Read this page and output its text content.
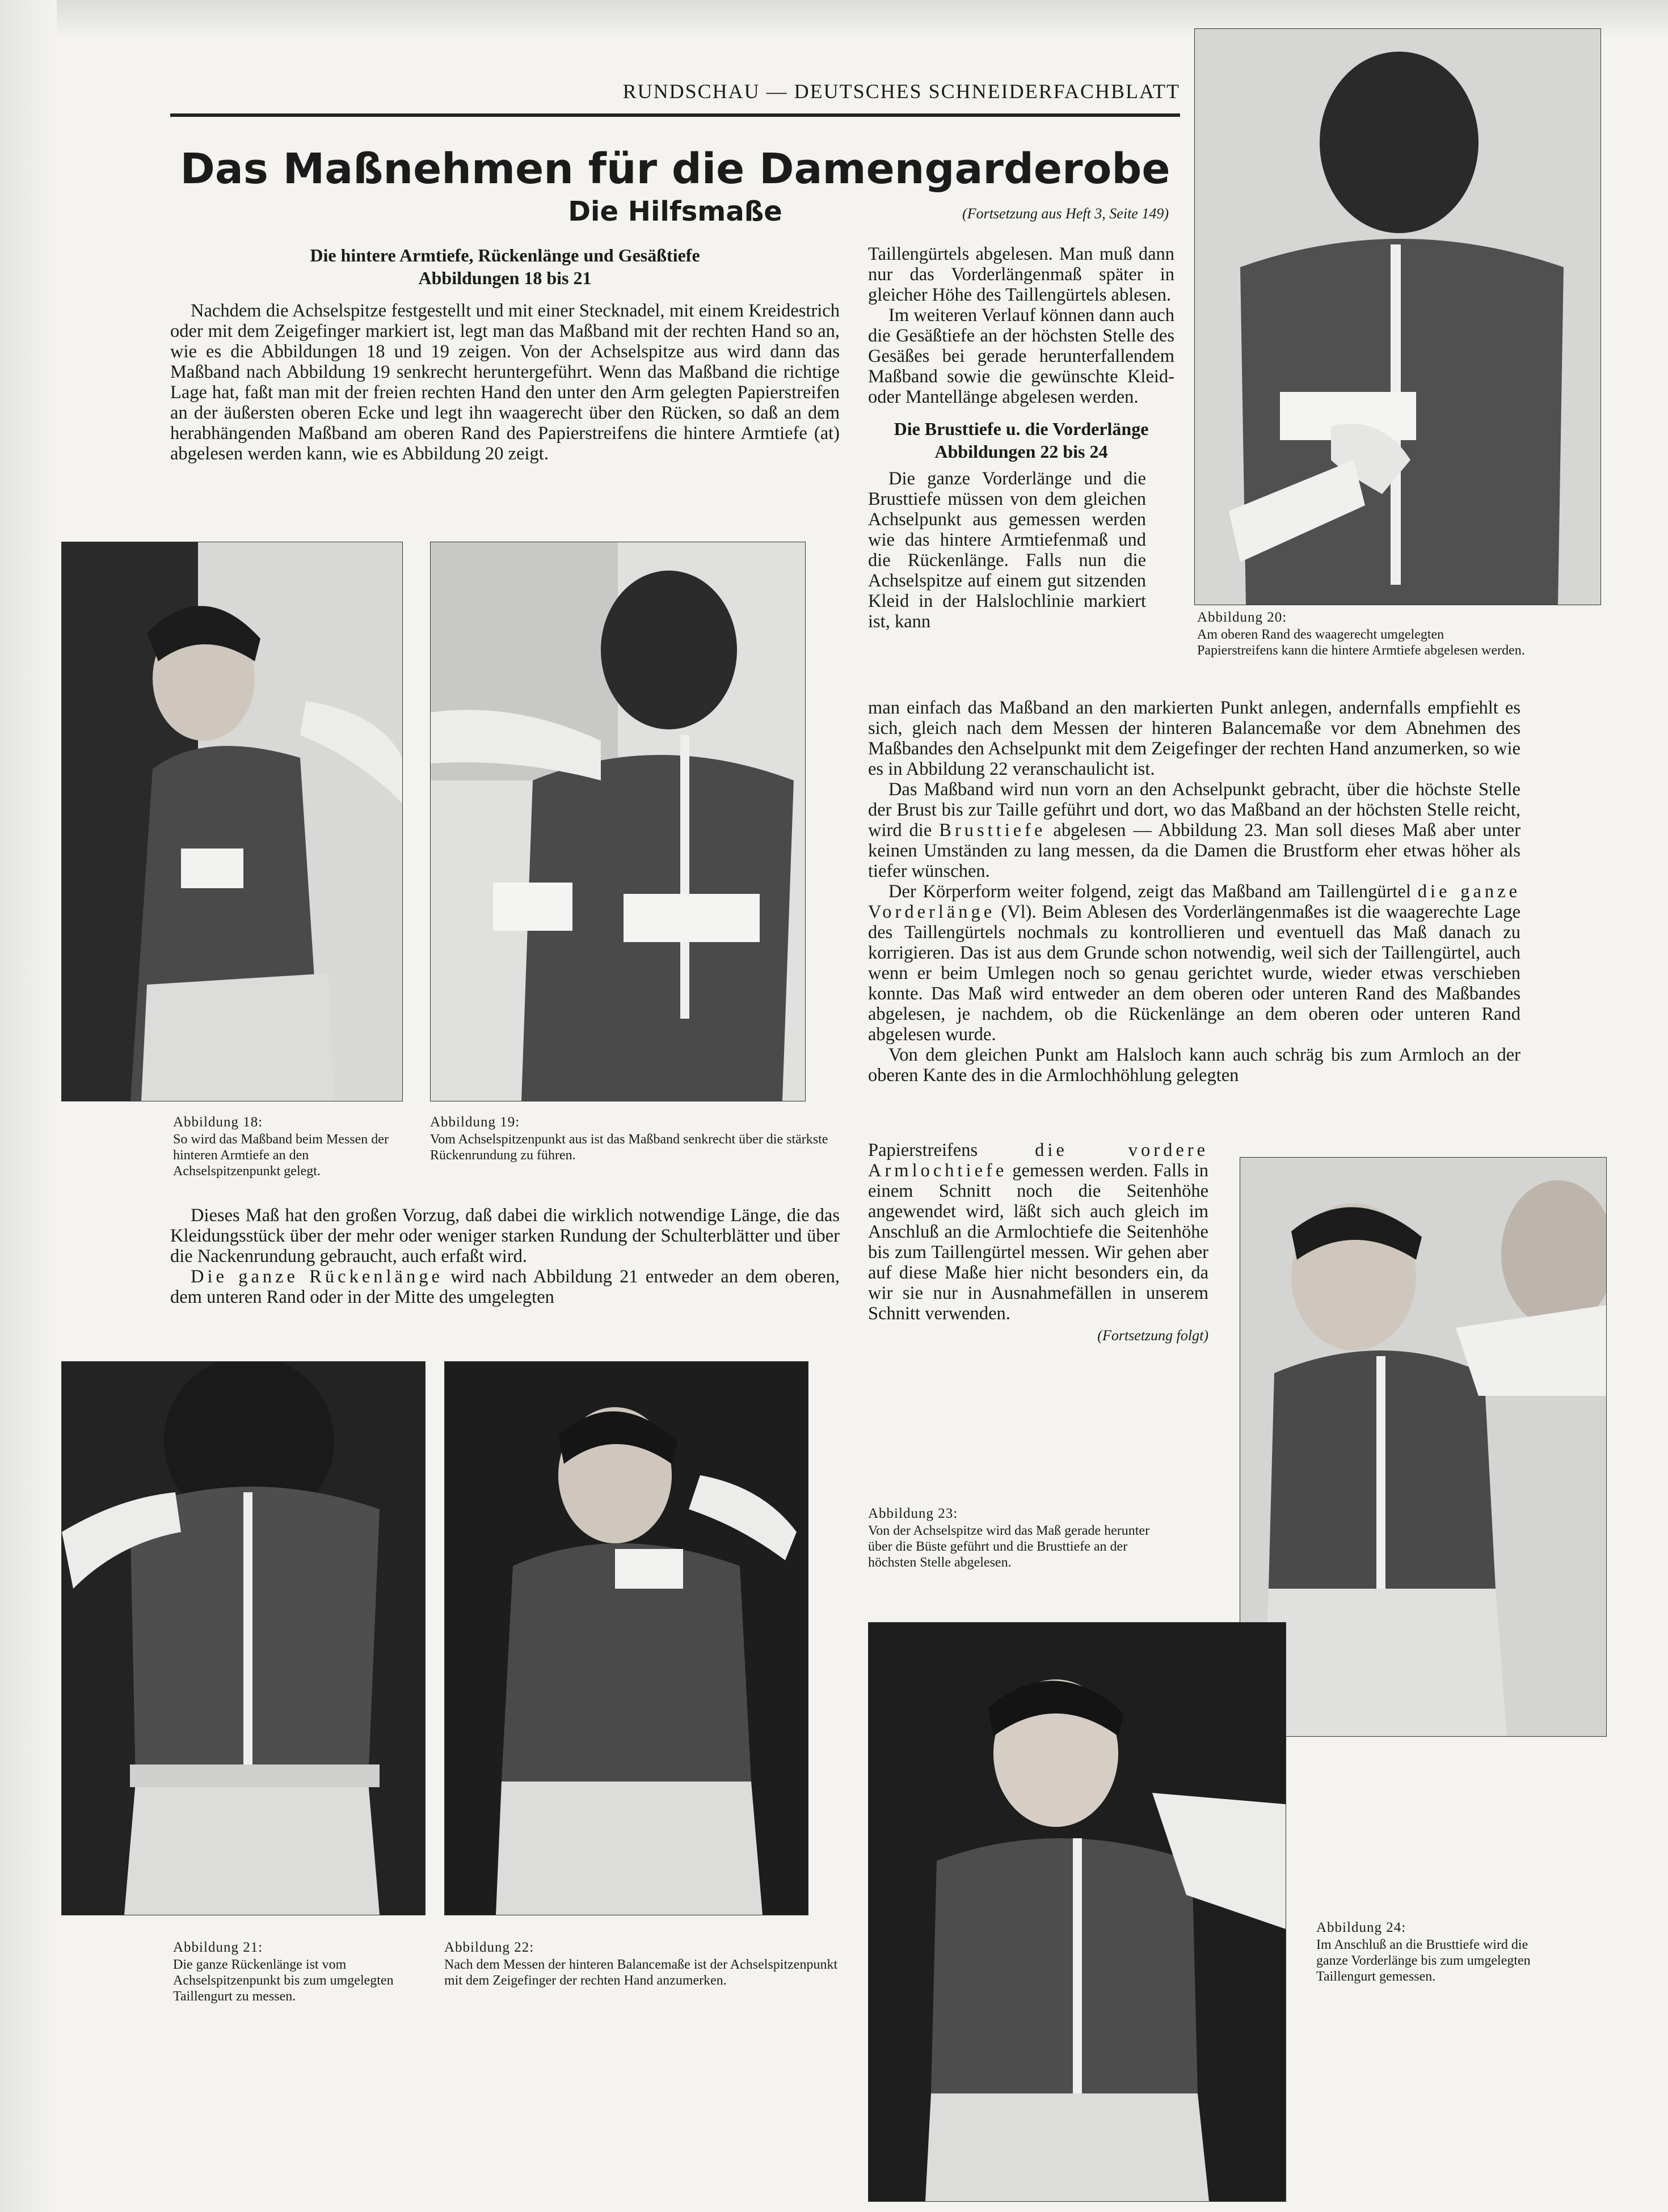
RUNDSCHAU — DEUTSCHES SCHNEIDERFACHBLATT
Das Maßnehmen für die Damengarderobe
Die Hilfsmaße	(Fortsetzung aus Heft 3, Seite 149)
Die hintere Armtiefe, Rückenlänge und Gesäßtiefe
Abbildungen 18 bis 21

Nachdem die Achselspitze festgestellt und mit einer Stecknadel, mit einem Kreidestrich oder mit dem Zeigefinger markiert ist, legt man das Maßband mit der rechten Hand so an, wie es die Abbildungen 18 und 19 zeigen. Von der Achselspitze aus wird dann das Maßband nach Abbildung 19 senkrecht heruntergeführt. Wenn das Maßband die richtige Lage hat, faßt man mit der freien rechten Hand den unter den Arm gelegten Papierstreifen an der äußersten oberen Ecke und legt ihn waagerecht über den Rücken, so daß an dem herabhängenden Maßband am oberen Rand des Papierstreifens die hintere Armtiefe (at) abgelesen werden kann, wie es Abbildung 20 zeigt.

Taillengürtels abgelesen. Man muß dann nur das Vorderlängenmaß später in gleicher Höhe des Taillengürtels ablesen.

Im weiteren Verlauf können dann auch die Gesäßtiefe an der höchsten Stelle des Gesäßes bei gerade herunterfallendem Maßband sowie die gewünschte Kleid- oder Mantellänge abgelesen werden.

Die Brusttiefe u. die Vorderlänge
Abbildungen 22 bis 24

Die ganze Vorderlänge und die Brusttiefe müssen von dem gleichen Achselpunkt aus gemessen werden wie das hintere Armtiefenmaß und die Rückenlänge. Falls nun die Achselspitze auf einem gut sitzenden Kleid in der Halslochlinie markiert ist, kann

man einfach das Maßband an den markierten Punkt anlegen, andernfalls empfiehlt es sich, gleich nach dem Messen der hinteren Balancemaße vor dem Abnehmen des Maßbandes den Achselpunkt mit dem Zeigefinger der rechten Hand anzumerken, so wie es in Abbildung 22 veranschaulicht ist.

Das Maßband wird nun vorn an den Achselpunkt gebracht, über die höchste Stelle der Brust bis zur Taille geführt und dort, wo das Maßband an der höchsten Stelle reicht, wird die Brusttiefe abgelesen — Abbildung 23. Man soll dieses Maß aber unter keinen Umständen zu lang messen, da die Damen die Brustform eher etwas höher als tiefer wünschen.

Der Körperform weiter folgend, zeigt das Maßband am Taillengürtel die ganze Vorderlänge (Vl). Beim Ablesen des Vorderlängenmaßes ist die waagerechte Lage des Taillengürtels nochmals zu kontrollieren und eventuell das Maß danach zu korrigieren. Das ist aus dem Grunde schon notwendig, weil sich der Taillengürtel, auch wenn er beim Umlegen noch so genau gerichtet wurde, wieder etwas verschieben konnte. Das Maß wird entweder an dem oberen oder unteren Rand des Maßbandes abgelesen, je nachdem, ob die Rückenlänge an dem oberen oder unteren Rand abgelesen wurde.

Von dem gleichen Punkt am Halsloch kann auch schräg bis zum Armloch an der oberen Kante des in die Armlochhöhlung gelegten

Papierstreifens	die vordere Armlochtiefe gemessen werden. Falls in einem Schnitt noch die Seitenhöhe angewendet wird, läßt sich auch gleich im Anschluß an die Armlochtiefe die Seitenhöhe bis zum Taillengürtel messen. Wir gehen aber auf diese Maße hier nicht besonders ein, da wir sie nur in Ausnahmefällen in unserem Schnitt verwenden.

(Fortsetzung folgt)

Dieses Maß hat den großen Vorzug, daß dabei die wirklich notwendige Länge, die das Kleidungsstück über der mehr oder weniger starken Rundung der Schulterblätter und über die Nackenrundung gebraucht, auch erfaßt wird.

Die ganze Rückenlänge wird nach Abbildung 21 entweder an dem oberen, dem unteren Rand oder in der Mitte des umgelegten

Abbildung 18:
So wird das Maßband beim Messen der hinteren Armtiefe an den Achselspitzenpunkt gelegt.
Abbildung 19:
Vom Achselspitzenpunkt aus ist das Maßband senkrecht über die stärkste Rückenrundung zu führen.
Abbildung 20:
Am oberen Rand des waagerecht umgelegten Papierstreifens kann die hintere Armtiefe abgelesen werden.
Abbildung 21:
Die ganze Rückenlänge ist vom Achselspitzenpunkt bis zum umgelegten Taillengurt zu messen.
Abbildung 22:
Nach dem Messen der hinteren Balancemaße ist der Achselspitzenpunkt mit dem Zeigefinger der rechten Hand anzumerken.
Abbildung 23:
Von der Achselspitze wird das Maß gerade herunter über die Büste geführt und die Brusttiefe an der höchsten Stelle abgelesen.
Abbildung 24:
Im Anschluß an die Brusttiefe wird die ganze Vorderlänge bis zum umgelegten Taillengurt gemessen.
